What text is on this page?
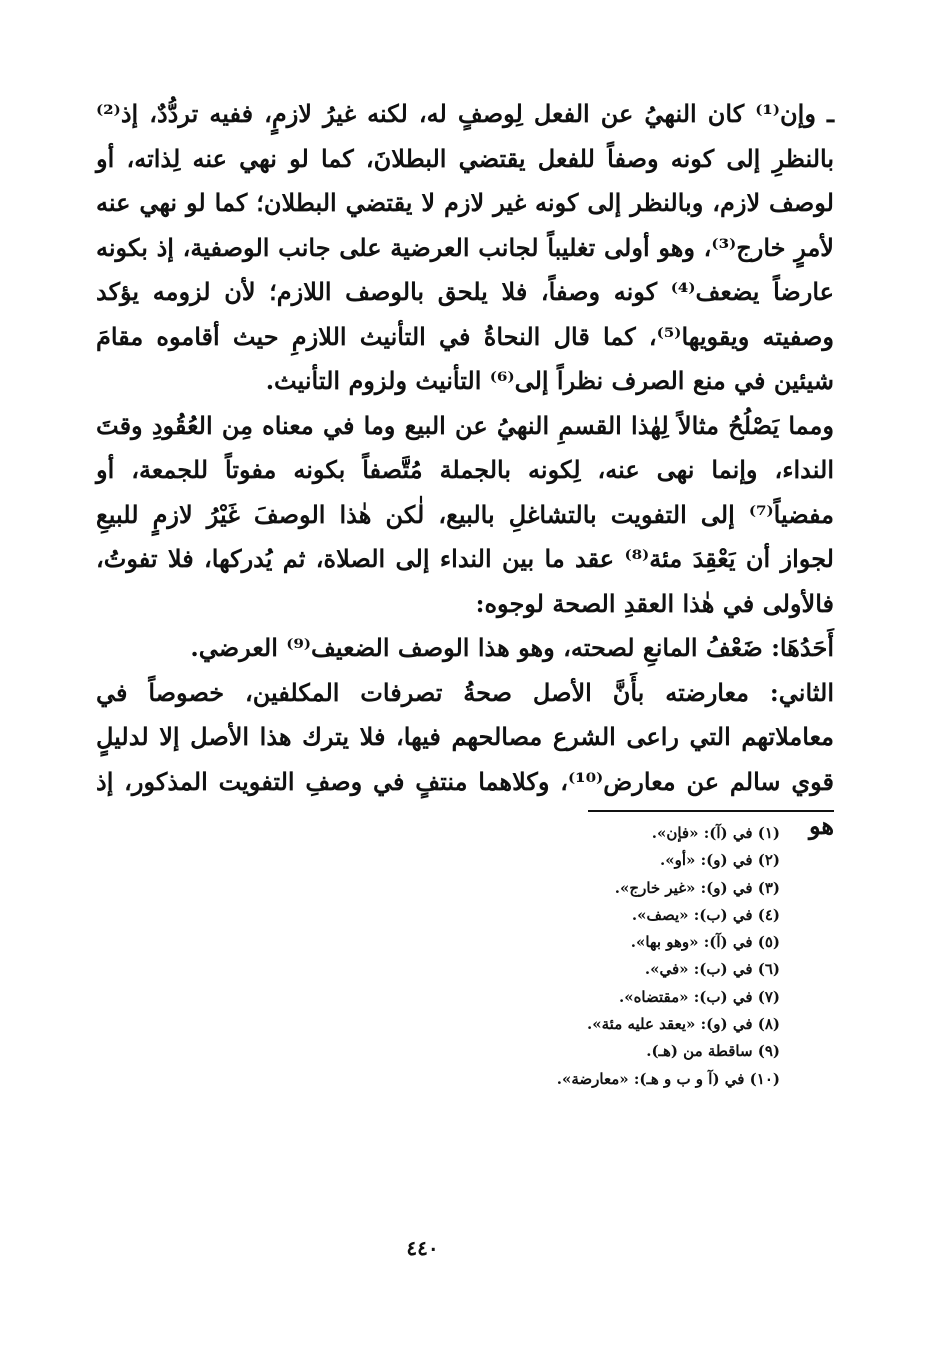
ـ وإن⁽¹⁾ كان النهيُ عن الفعل لِوصفٍ له، لكنه غيرُ لازمٍ، ففيه تردُّدٌ، إذ⁽²⁾ بالنظرِ إلى كونه وصفاً للفعل يقتضي البطلانَ، كما لو نهي عنه لِذاته، أو لوصف لازم، وبالنظر إلى كونه غير لازم لا يقتضي البطلان؛ كما لو نهي عنه لأمرٍ خارج⁽³⁾، وهو أولى تغليباً لجانب العرضية على جانب الوصفية، إذ بكونه عارضاً يضعف⁽⁴⁾ كونه وصفاً، فلا يلحق بالوصف اللازم؛ لأن لزومه يؤكد وصفيته ويقويها⁽⁵⁾، كما قال النحاةُ في التأنيث اللازمِ حيث أقاموه مقامَ شيئين في منع الصرف نظراً إلى⁽⁶⁾ التأنيث ولزوم التأنيث.

ومما يَصْلُحُ مثالاً لِهٰذا القسمِ النهيُ عن البيع وما في معناه مِن العُقُودِ وقتَ النداء، وإنما نهى عنه، لِكونه بالجملة مُتَّصفاً بكونه مفوتاً للجمعة، أو مفضياً⁽⁷⁾ إلى التفويت بالتشاغلِ بالبيع، لٰكن هٰذا الوصفَ غَيْرُ لازمٍ للبيعِ لجواز أن يَعْقِدَ مئة⁽⁸⁾ عقد ما بين النداء إلى الصلاة، ثم يُدركها، فلا تفوتُ، فالأولى في هٰذا العقدِ الصحة لوجوه:

أَحَدُهَا: ضَعْفُ المانعِ لصحته، وهو هذا الوصف الضعيف⁽⁹⁾ العرضي.

الثاني: معارضته بأَنَّ الأصل صحةُ تصرفات المكلفين، خصوصاً في معاملاتهم التي راعى الشرع مصالحهم فيها، فلا يترك هذا الأصل إلا لدليلٍ قوي سالم عن معارض⁽¹⁰⁾، وكلاهما منتفٍ في وصفِ التفويت المذكور، إذ هو

(١) في (آ): «فإن».
(٢) في (و): «أو».
(٣) في (و): «غير خارج».
(٤) في (ب): «يصف».
(٥) في (آ): «وهو بها».
(٦) في (ب): «في».
(٧) في (ب): «مقتضاه».
(٨) في (و): «يعقد عليه مئة».
(٩) ساقطة من (هـ).
(١٠) في (آ و ب و هـ): «معارضة».
٤٤٠
